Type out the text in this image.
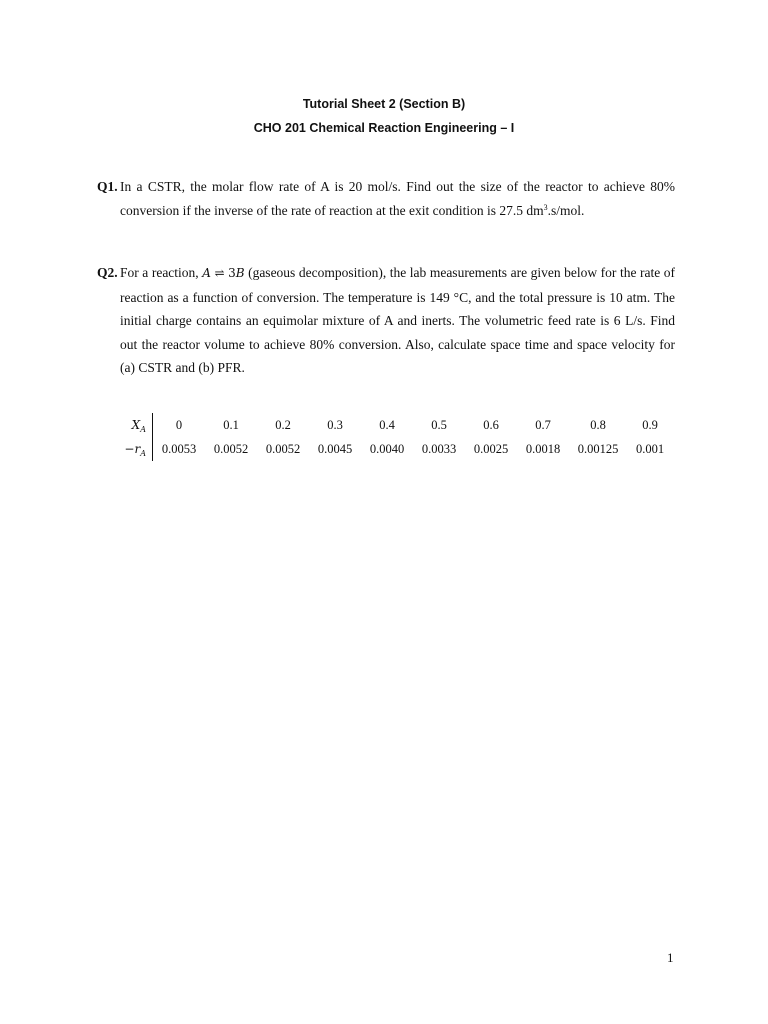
Tutorial Sheet 2 (Section B)
CHO 201 Chemical Reaction Engineering – I
Q1. In a CSTR, the molar flow rate of A is 20 mol/s. Find out the size of the reactor to achieve 80% conversion if the inverse of the rate of reaction at the exit condition is 27.5 $dm^3.s$/mol.
Q2. For a reaction, A ⇌ 3B (gaseous decomposition), the lab measurements are given below for the rate of reaction as a function of conversion. The temperature is 149 °C, and the total pressure is 10 atm. The initial charge contains an equimolar mixture of A and inerts. The volumetric feed rate is 6 L/s. Find out the reactor volume to achieve 80% conversion. Also, calculate space time and space velocity for (a) CSTR and (b) PFR.
$X_A$		0	0.1	0.2	0.3	0.4	0.5	0.6	0.7	0.8	0.9
$-r_A$		0.0053	0.0052	0.0052	0.0045	0.0040	0.0033	0.0025	0.0018	0.00125	0.001
1
